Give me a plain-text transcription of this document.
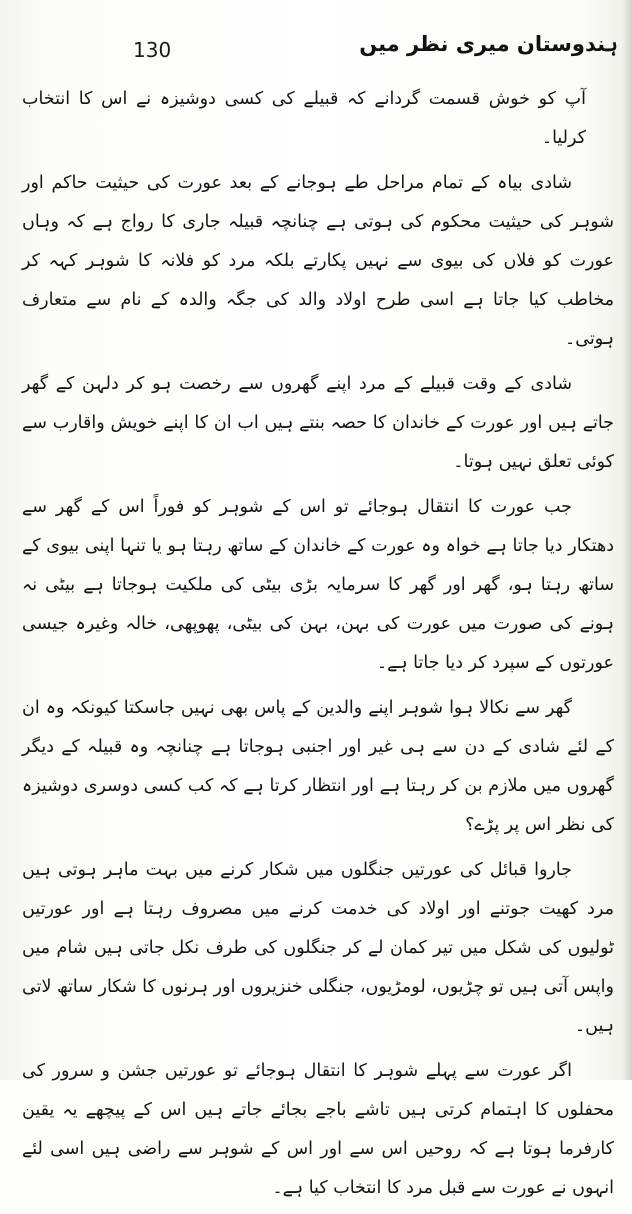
130	ہندوستان میری نظر میں

آپ کو خوش قسمت گردانے کہ قبیلے کی کسی دوشیزہ نے اس کا انتخاب کرلیا۔

شادی بیاہ کے تمام مراحل طے ہوجانے کے بعد عورت کی حیثیت حاکم اور شوہر کی حیثیت محکوم کی ہوتی ہے چنانچہ قبیلہ جاری کا رواج ہے کہ وہاں عورت کو فلاں کی بیوی سے نہیں پکارتے بلکہ مرد کو فلانہ کا شوہر کہہ کر مخاطب کیا جاتا ہے اسی طرح اولاد والد کی جگہ والدہ کے نام سے متعارف ہوتی۔

شادی کے وقت قبیلے کے مرد اپنے گھروں سے رخصت ہو کر دلہن کے گھر جاتے ہیں اور عورت کے خاندان کا حصہ بنتے ہیں اب ان کا اپنے خویش واقارب سے کوئی تعلق نہیں ہوتا۔

جب عورت کا انتقال ہوجائے تو اس کے شوہر کو فوراً اس کے گھر سے دھتکار دیا جاتا ہے خواہ وہ عورت کے خاندان کے ساتھ رہتا ہو یا تنہا اپنی بیوی کے ساتھ رہتا ہو، گھر اور گھر کا سرمایہ بڑی بیٹی کی ملکیت ہوجاتا ہے بیٹی نہ ہونے کی صورت میں عورت کی بہن، بہن کی بیٹی، پھوپھی، خالہ وغیرہ جیسی عورتوں کے سپرد کر دیا جاتا ہے۔

گھر سے نکالا ہوا شوہر اپنے والدین کے پاس بھی نہیں جاسکتا کیونکہ وہ ان کے لئے شادی کے دن سے ہی غیر اور اجنبی ہوجاتا ہے چنانچہ وہ قبیلہ کے دیگر گھروں میں ملازم بن کر رہتا ہے اور انتظار کرتا ہے کہ کب کسی دوسری دوشیزہ کی نظر اس پر پڑے؟

جاروا قبائل کی عورتیں جنگلوں میں شکار کرنے میں بہت ماہر ہوتی ہیں مرد کھیت جوتنے اور اولاد کی خدمت کرنے میں مصروف رہتا ہے اور عورتیں ٹولیوں کی شکل میں تیر کمان لے کر جنگلوں کی طرف نکل جاتی ہیں شام میں واپس آتی ہیں تو چڑیوں، لومڑیوں، جنگلی خنزیروں اور ہرنوں کا شکار ساتھ لاتی ہیں۔

اگر عورت سے پہلے شوہر کا انتقال ہوجائے تو عورتیں جشن و سرور کی محفلوں کا اہتمام کرتی ہیں تاشے باجے بجائے جاتے ہیں اس کے پیچھے یہ یقین کارفرما ہوتا ہے کہ روحیں اس سے اور اس کے شوہر سے راضی ہیں اسی لئے انہوں نے عورت سے قبل مرد کا انتخاب کیا ہے۔
